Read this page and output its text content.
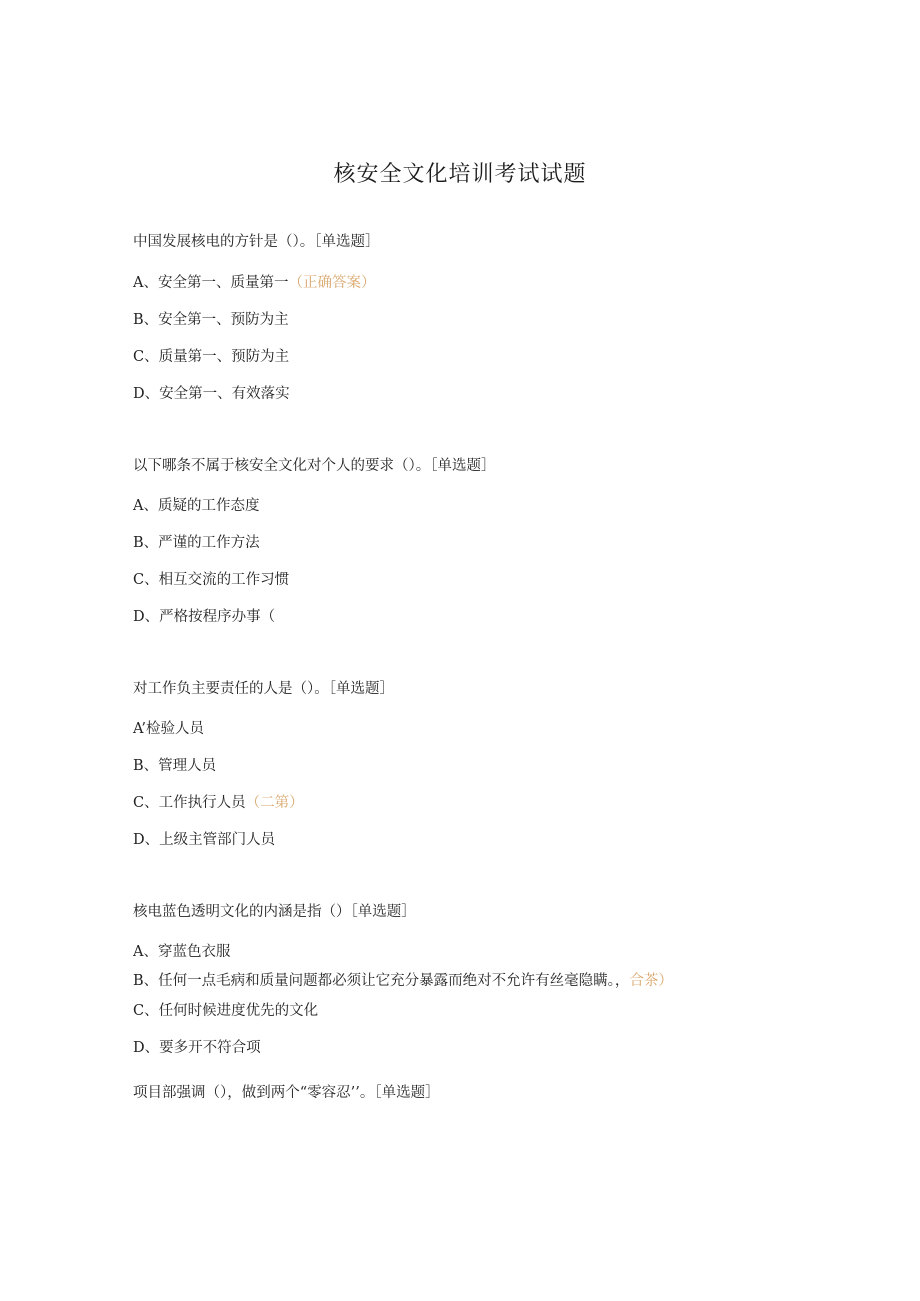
核安全文化培训考试试题
中国发展核电的方针是（）。［单选题］
A、安全第一、质量第一（正确答案）
B、安全第一、预防为主
C、质量第一、预防为主
D、安全第一、有效落实
以下哪条不属于核安全文化对个人的要求（）。［单选题］
A、质疑的工作态度
B、严谨的工作方法
C、相互交流的工作习惯
D、严格按程序办事（
对工作负主要责任的人是（）。［单选题］
A’检验人员
B、管理人员
C、工作执行人员（二第）
D、上级主管部门人员
核电蓝色透明文化的内涵是指（）［单选题］
A、穿蓝色衣服
B、任何一点毛病和质量问题都必须让它充分暴露而绝对不允许有丝毫隐瞒。，合茶）
C、任何时候进度优先的文化
D、要多开不符合项
项目部强调（），做到两个“零容忍’’。［单选题］
